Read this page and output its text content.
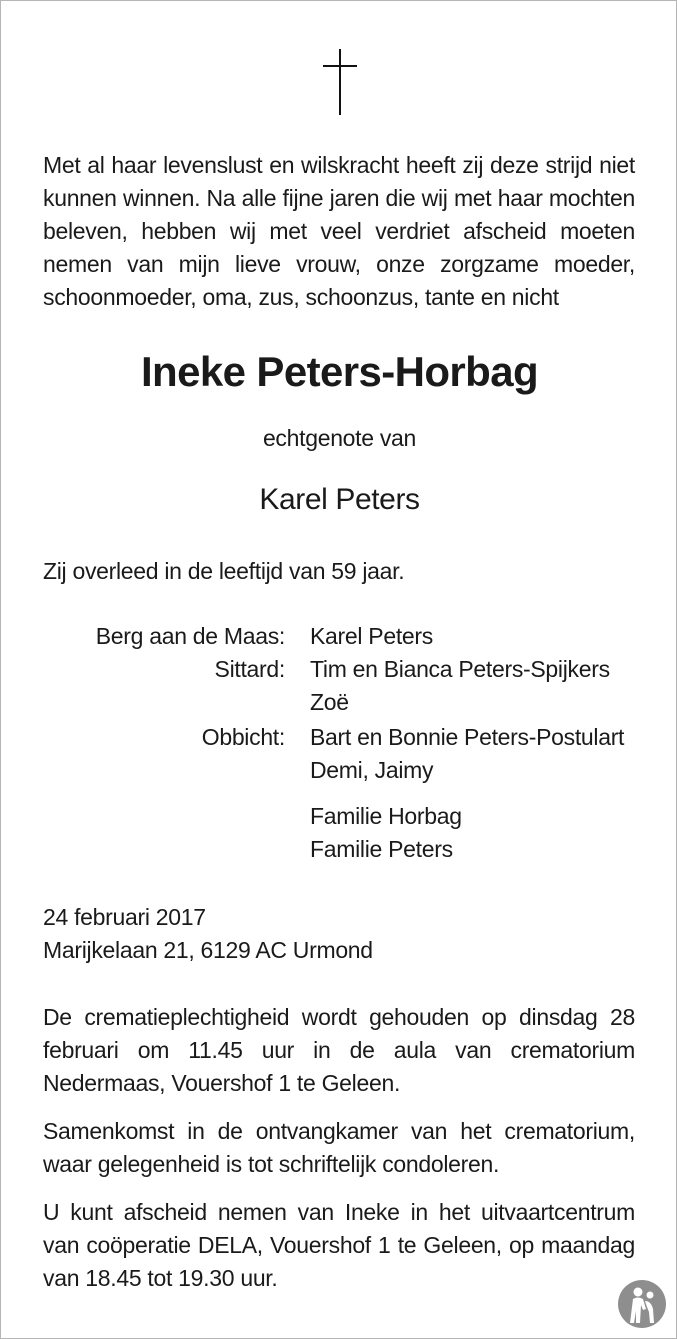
Met al haar levenslust en wilskracht heeft zij deze strijd niet kunnen winnen. Na alle fijne jaren die wij met haar mochten beleven, hebben wij met veel verdriet afscheid moeten nemen van mijn lieve vrouw, onze zorgzame moeder, schoonmoeder, oma, zus, schoonzus, tante en nicht
Ineke Peters-Horbag
echtgenote van
Karel Peters
Zij overleed in de leeftijd van 59 jaar.
Berg aan de Maas: Karel Peters
Sittard: Tim en Bianca Peters-Spijkers
Zoë
Obbicht: Bart en Bonnie Peters-Postulart
Demi, Jaimy
Familie Horbag
Familie Peters
24 februari 2017
Marijkelaan 21, 6129 AC Urmond
De crematieplechtigheid wordt gehouden op dinsdag 28 februari om 11.45 uur in de aula van crematorium Nedermaas, Vouershof 1 te Geleen.
Samenkomst in de ontvangkamer van het crematorium, waar gelegenheid is tot schriftelijk condoleren.
U kunt afscheid nemen van Ineke in het uitvaartcentrum van coöperatie DELA, Vouershof 1 te Geleen, op maandag van 18.45 tot 19.30 uur.
